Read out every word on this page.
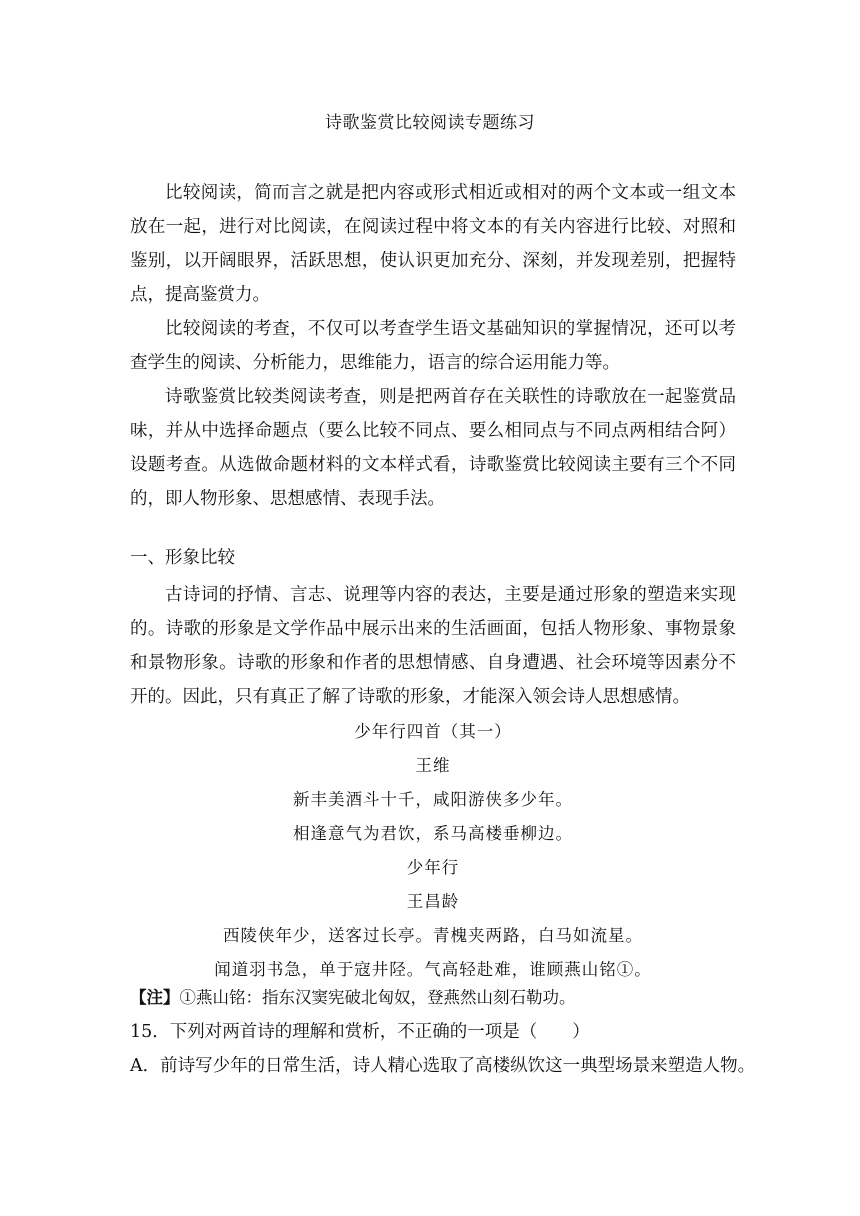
诗歌鉴赏比较阅读专题练习

比较阅读，简而言之就是把内容或形式相近或相对的两个文本或一组文本放在一起，进行对比阅读，在阅读过程中将文本的有关内容进行比较、对照和鉴别，以开阔眼界，活跃思想，使认识更加充分、深刻，并发现差别，把握特点，提高鉴赏力。

比较阅读的考查，不仅可以考查学生语文基础知识的掌握情况，还可以考查学生的阅读、分析能力，思维能力，语言的综合运用能力等。

诗歌鉴赏比较类阅读考查，则是把两首存在关联性的诗歌放在一起鉴赏品味，并从中选择命题点（要么比较不同点、要么相同点与不同点两相结合阿）设题考查。从选做命题材料的文本样式看，诗歌鉴赏比较阅读主要有三个不同的，即人物形象、思想感情、表现手法。

一、形象比较

古诗词的抒情、言志、说理等内容的表达，主要是通过形象的塑造来实现的。诗歌的形象是文学作品中展示出来的生活画面，包括人物形象、事物景象和景物形象。诗歌的形象和作者的思想情感、自身遭遇、社会环境等因素分不开的。因此，只有真正了解了诗歌的形象，才能深入领会诗人思想感情。

少年行四首（其一）
王维
新丰美酒斗十千，咸阳游侠多少年。
相逢意气为君饮，系马高楼垂柳边。
少年行
王昌龄
西陵侠年少，送客过长亭。青槐夹两路，白马如流星。
闻道羽书急，单于寇井陉。气高轻赴难，谁顾燕山铭①。
【注】①燕山铭：指东汉窦宪破北匈奴，登燕然山刻石勒功。
15．下列对两首诗的理解和赏析，不正确的一项是（　　）
A．前诗写少年的日常生活，诗人精心选取了高楼纵饮这一典型场景来塑造人物。
